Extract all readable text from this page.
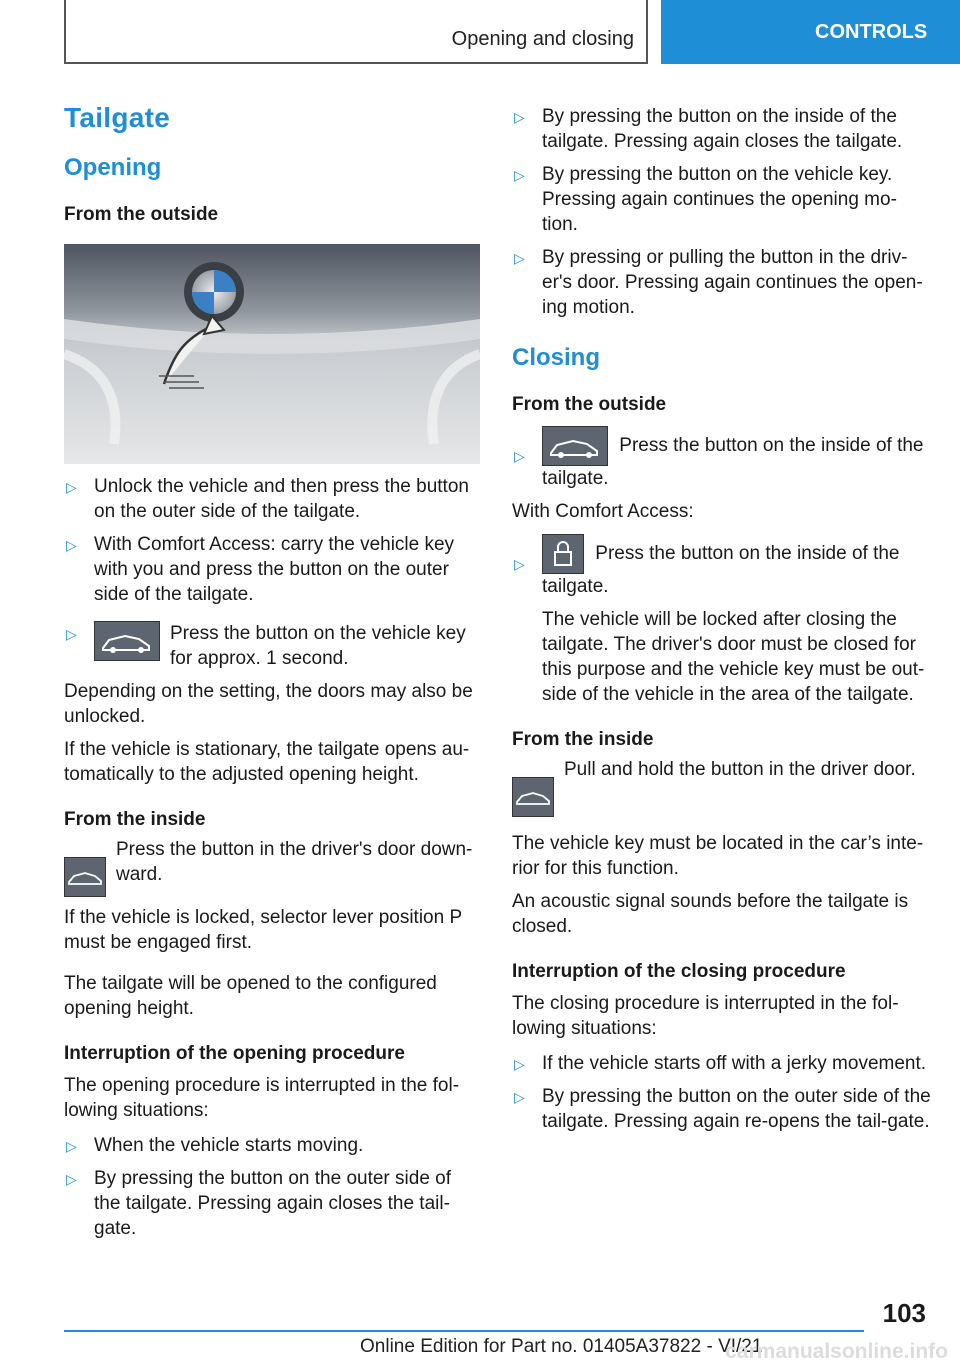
Opening and closing	CONTROLS
Tailgate
Opening
From the outside
▷ Unlock the vehicle and then press the button on the outer side of the tailgate.
▷ With Comfort Access: carry the vehicle key with you and press the button on the outer side of the tailgate.
▷	Press the button on the vehicle key for approx. 1 second.

Depending on the setting, the doors may also be unlocked.

If the vehicle is stationary, the tailgate opens au-tomatically to the adjusted opening height.

From the inside
Press the button in the driver's door down-ward.

If the vehicle is locked, selector lever position P must be engaged first.

The tailgate will be opened to the configured opening height.

Interruption of the opening procedure

The opening procedure is interrupted in the fol-lowing situations:

▷ When the vehicle starts moving.
▷ By pressing the button on the outer side of the tailgate. Pressing again closes the tail-gate.
▷ By pressing the button on the inside of the tailgate. Pressing again closes the tailgate.
▷ By pressing the button on the vehicle key. Pressing again continues the opening mo-tion.
▷ By pressing or pulling the button in the driv-er's door. Pressing again continues the open-ing motion.
Closing
From the outside
▷	Press the button on the inside of the tailgate.

With Comfort Access:

▷	Press the button on the inside of the tailgate.
The vehicle will be locked after closing the tailgate. The driver's door must be closed for this purpose and the vehicle key must be out-side of the vehicle in the area of the tailgate.
From the inside
Pull and hold the button in the driver door.

The vehicle key must be located in the car’s inte-rior for this function.

An acoustic signal sounds before the tailgate is closed.

Interruption of the closing procedure

The closing procedure is interrupted in the fol-lowing situations:

▷ If the vehicle starts off with a jerky movement.
▷ By pressing the button on the outer side of the tailgate. Pressing again re-opens the tail-gate.
103
Online Edition for Part no. 01405A37822 - VI/21
carmanualsonline.info
